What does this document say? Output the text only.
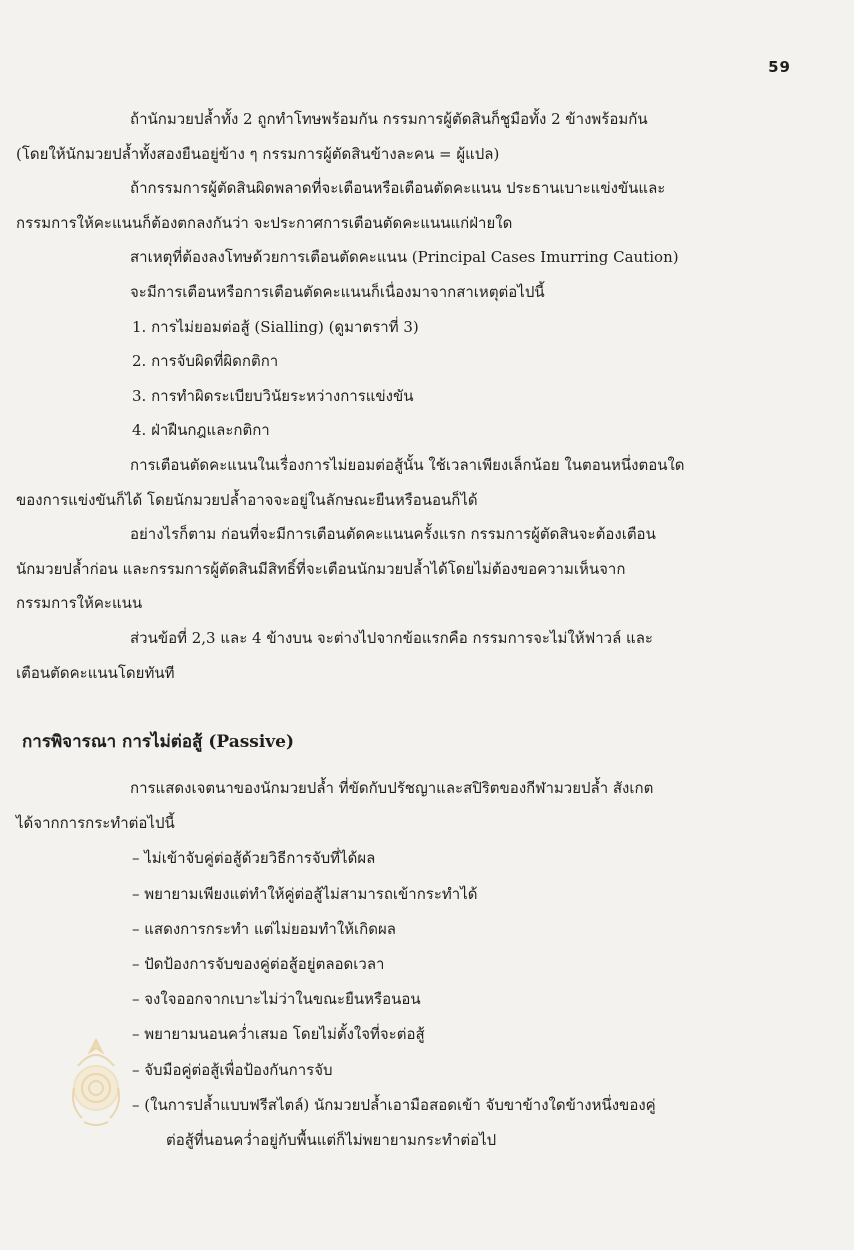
59
ถ้านักมวยปล้ำทั้ง 2 ถูกทำโทษพร้อมกัน กรรมการผู้ตัดสินก็ชูมือทั้ง 2 ข้างพร้อมกัน
(โดยให้นักมวยปล้ำทั้งสองยืนอยู่ข้าง ๆ กรรมการผู้ตัดสินข้างละคน = ผู้แปล)
ถ้ากรรมการผู้ตัดสินผิดพลาดที่จะเตือนหรือเตือนตัดคะแนน ประธานเบาะแข่งขันและ
กรรมการให้คะแนนก็ต้องตกลงกันว่า จะประกาศการเตือนตัดคะแนนแก่ฝ่ายใด
สาเหตุที่ต้องลงโทษด้วยการเตือนตัดคะแนน (Principal Cases Imurring Caution)
จะมีการเตือนหรือการเตือนตัดคะแนนก็เนื่องมาจากสาเหตุต่อไปนี้
1. การไม่ยอมต่อสู้ (Sialling) (ดูมาตราที่ 3)
2. การจับผิดที่ผิดกติกา
3. การทำผิดระเบียบวินัยระหว่างการแข่งขัน
4. ฝ่าฝืนกฎและกติกา
การเตือนตัดคะแนนในเรื่องการไม่ยอมต่อสู้นั้น ใช้เวลาเพียงเล็กน้อย ในตอนหนึ่งตอนใด
ของการแข่งขันก็ได้ โดยนักมวยปล้ำอาจจะอยู่ในลักษณะยืนหรือนอนก็ได้
อย่างไรก็ตาม ก่อนที่จะมีการเตือนตัดคะแนนครั้งแรก กรรมการผู้ตัดสินจะต้องเตือน
นักมวยปล้ำก่อน และกรรมการผู้ตัดสินมีสิทธิ์ที่จะเตือนนักมวยปล้ำได้โดยไม่ต้องขอความเห็นจาก
กรรมการให้คะแนน
ส่วนข้อที่ 2,3 และ 4 ข้างบน จะต่างไปจากข้อแรกคือ กรรมการจะไม่ให้ฟาวล์ และ
เตือนตัดคะแนนโดยทันที
การพิจารณา การไม่ต่อสู้ (Passive)
การแสดงเจตนาของนักมวยปล้ำ ที่ขัดกับปรัชญาและสปิริตของกีฬามวยปล้ำ สังเกต
ได้จากการกระทำต่อไปนี้
– ไม่เข้าจับคู่ต่อสู้ด้วยวิธีการจับที่ได้ผล
– พยายามเพียงแต่ทำให้คู่ต่อสู้ไม่สามารถเข้ากระทำได้
– แสดงการกระทำ แต่ไม่ยอมทำให้เกิดผล
– ปัดป้องการจับของคู่ต่อสู้อยู่ตลอดเวลา
– จงใจออกจากเบาะไม่ว่าในขณะยืนหรือนอน
– พยายามนอนคว่ำเสมอ โดยไม่ตั้งใจที่จะต่อสู้
– จับมือคู่ต่อสู้เพื่อป้องกันการจับ
– (ในการปล้ำแบบฟรีสไตล์) นักมวยปล้ำเอามือสอดเข้า จับขาข้างใดข้างหนึ่งของคู่
ต่อสู้ที่นอนคว่ำอยู่กับพื้นแต่ก็ไม่พยายามกระทำต่อไป
